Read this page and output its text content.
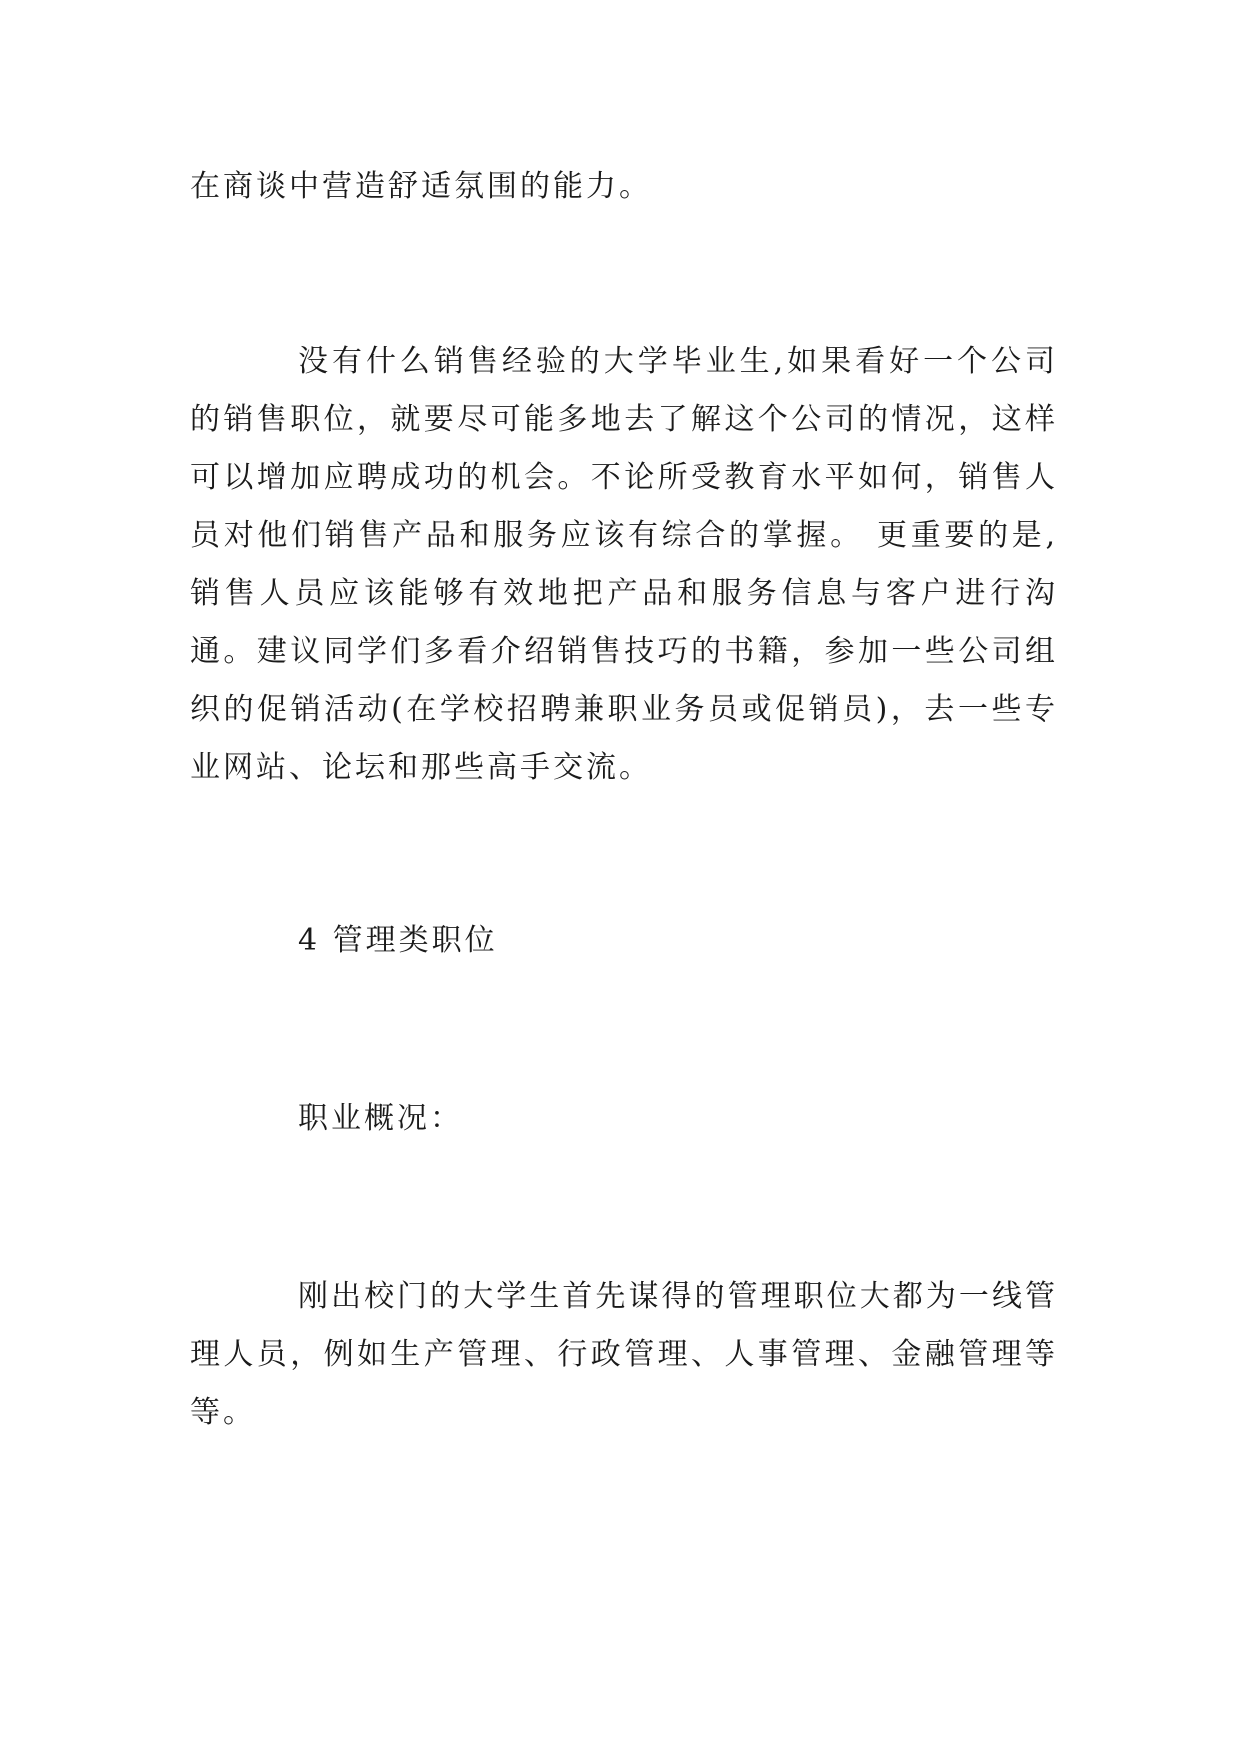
在商谈中营造舒适氛围的能力。

没有什么销售经验的大学毕业生,如果看好一个公司的销售职位，就要尽可能多地去了解这个公司的情况，这样可以增加应聘成功的机会。不论所受教育水平如何，销售人员对他们销售产品和服务应该有综合的掌握。 更重要的是,销售人员应该能够有效地把产品和服务信息与客户进行沟通。建议同学们多看介绍销售技巧的书籍，参加一些公司组织的促销活动(在学校招聘兼职业务员或促销员)，去一些专业网站、论坛和那些高手交流。

4 管理类职位

职业概况：

刚出校门的大学生首先谋得的管理职位大都为一线管理人员，例如生产管理、行政管理、人事管理、金融管理等等。
